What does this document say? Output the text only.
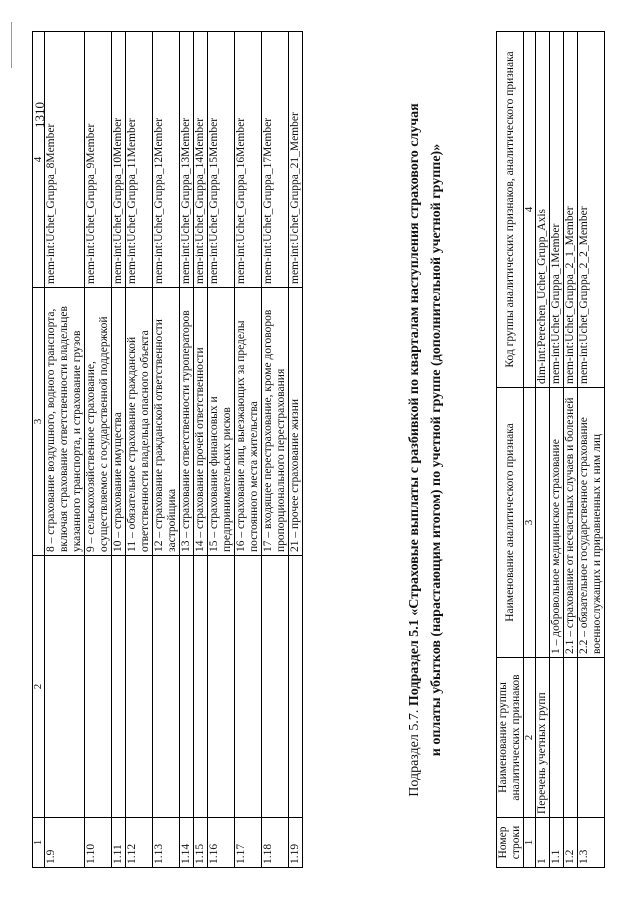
1	2	3	4
1.9		8 – страхование воздушного, водного транспорта, включая страхование ответственности владельцев указанного транспорта, и страхование грузов	mem-int:Uchet_Gruppa_8Member
1.10		9 – сельскохозяйственное страхование, осуществляемое с государственной поддержкой	mem-int:Uchet_Gruppa_9Member
1.11		10 – страхование имущества	mem-int:Uchet_Gruppa_10Member
1.12		11 – обязательное страхование гражданской ответственности владельца опасного объекта	mem-int:Uchet_Gruppa_11Member
1.13		12 – страхование гражданской ответственности застройщика	mem-int:Uchet_Gruppa_12Member
1.14		13 – страхование ответственности туроператоров	mem-int:Uchet_Gruppa_13Member
1.15		14 – страхование прочей ответственности	mem-int:Uchet_Gruppa_14Member
1.16		15 – страхование финансовых и предпринимательских рисков	mem-int:Uchet_Gruppa_15Member
1.17		16 – страхование лиц, выезжающих за пределы постоянного места жительства	mem-int:Uchet_Gruppa_16Member
1.18		17 – входящее перестрахование, кроме договоров пропорционального перестрахования	mem-int:Uchet_Gruppa_17Member
1.19		21 – прочее страхование жизни	mem-int:Uchet_Gruppa_21_Member
Подраздел 5.7. Подраздел 5.1 «Страховые выплаты с разбивкой по кварталам наступления страхового случая и оплаты убытков (нарастающим итогом) по учетной группе (дополнительной учетной группе)»
Номер строки	Наименование группы аналитических признаков	Наименование аналитического признака	Код группы аналитических признаков, аналитического признака
1	2	3	4
1	Перечень учетных групп		dim-int:Perechen_Uchet_Grupp_Axis
1.1		1 – добровольное медицинское страхование	mem-int:Uchet_Gruppa_1Member
1.2		2.1 – страхование от несчастных случаев и болезней	mem-int:Uchet_Gruppa_2_1_Member
1.3		2.2 – обязательное государственное страхование военнослужащих и приравненных к ним лиц	mem-int:Uchet_Gruppa_2_2_Member
1310
